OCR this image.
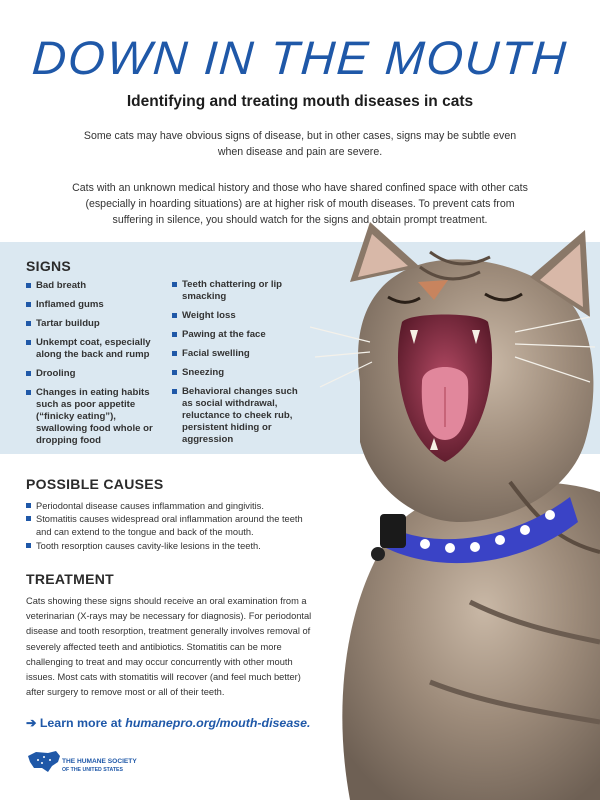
DOWN IN THE MOUTH
Identifying and treating mouth diseases in cats

Some cats may have obvious signs of disease, but in other cases, signs may be subtle even when disease and pain are severe.

Cats with an unknown medical history and those who have shared confined space with other cats (especially in hoarding situations) are at higher risk of mouth diseases. To prevent cats from suffering in silence, you should watch for the signs and obtain prompt treatment.

SIGNS
Bad breath
Inflamed gums
Tartar buildup
Unkempt coat, especially along the back and rump
Drooling
Changes in eating habits such as poor appetite (“finicky eating”), swallowing food whole or dropping food
Teeth chattering or lip smacking
Weight loss
Pawing at the face
Facial swelling
Sneezing
Behavioral changes such as social withdrawal, reluctance to cheek rub, persistent hiding or aggression
POSSIBLE CAUSES
Periodontal disease causes inflammation and gingivitis.
Stomatitis causes widespread oral inflammation around the teeth and can extend to the tongue and back of the mouth.
Tooth resorption causes cavity-like lesions in the teeth.
TREATMENT

Cats showing these signs should receive an oral examination from a veterinarian (X-rays may be necessary for diagnosis). For periodontal disease and tooth resorption, treatment generally involves removal of severely affected teeth and antibiotics. Stomatitis can be more challenging to treat and may occur concurrently with other mouth issues. Most cats with stomatitis will recover (and feel much better) after surgery to remove most or all of their teeth.

➔ Learn more at humanepro.org/mouth-disease.
THE HUMANE SOCIETY
OF THE UNITED STATES
